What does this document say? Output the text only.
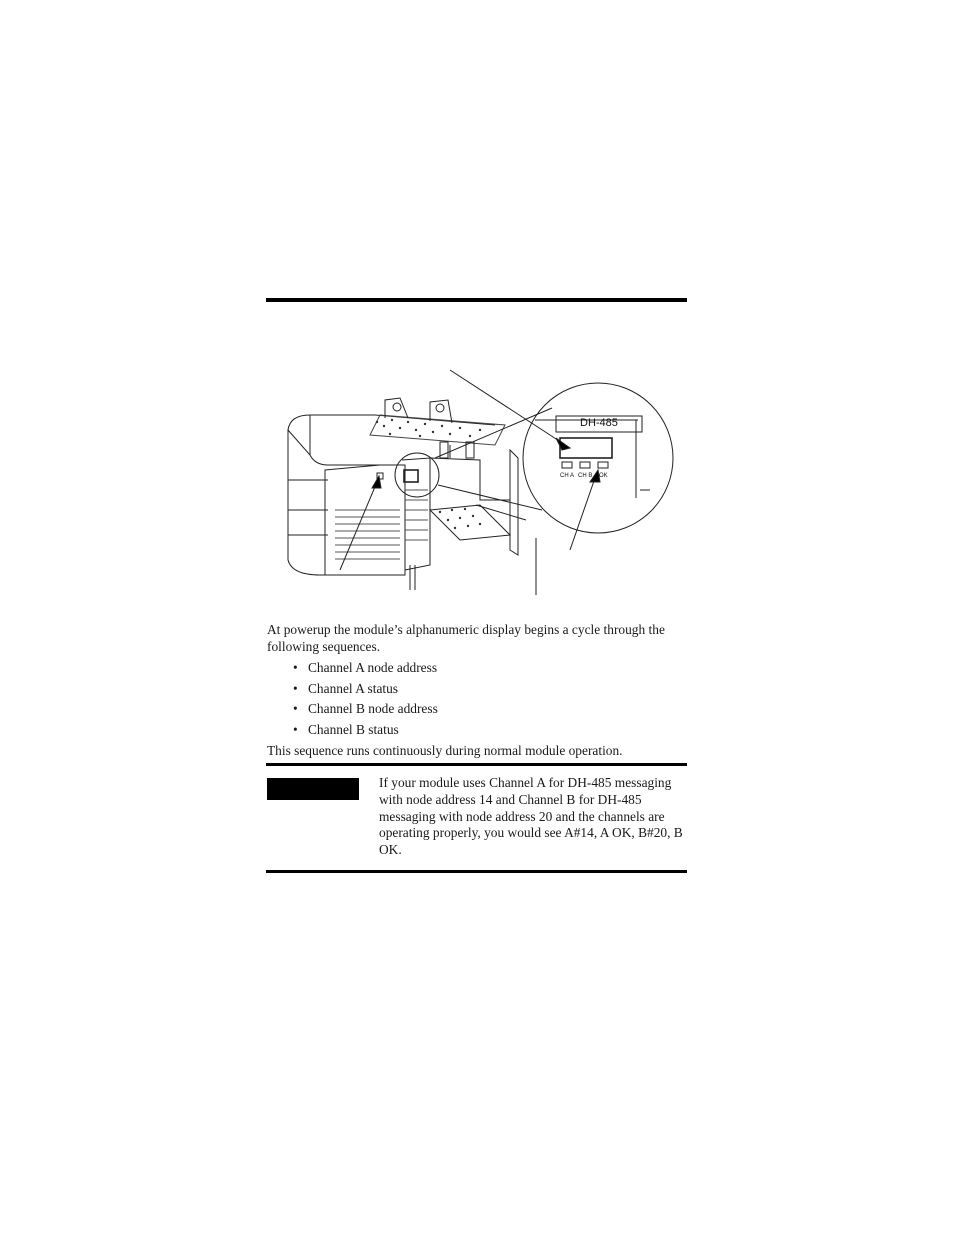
DH-485
CH A CH B OK

At powerup the module’s alphanumeric display begins a cycle through the following sequences.

• Channel A node address
• Channel A status
• Channel B node address
• Channel B status

This sequence runs continuously during normal module operation.

If your module uses Channel A for DH-485 messaging with node address 14 and Channel B for DH-485 messaging with node address 20 and the channels are operating properly, you would see A#14, A OK, B#20, B OK.
